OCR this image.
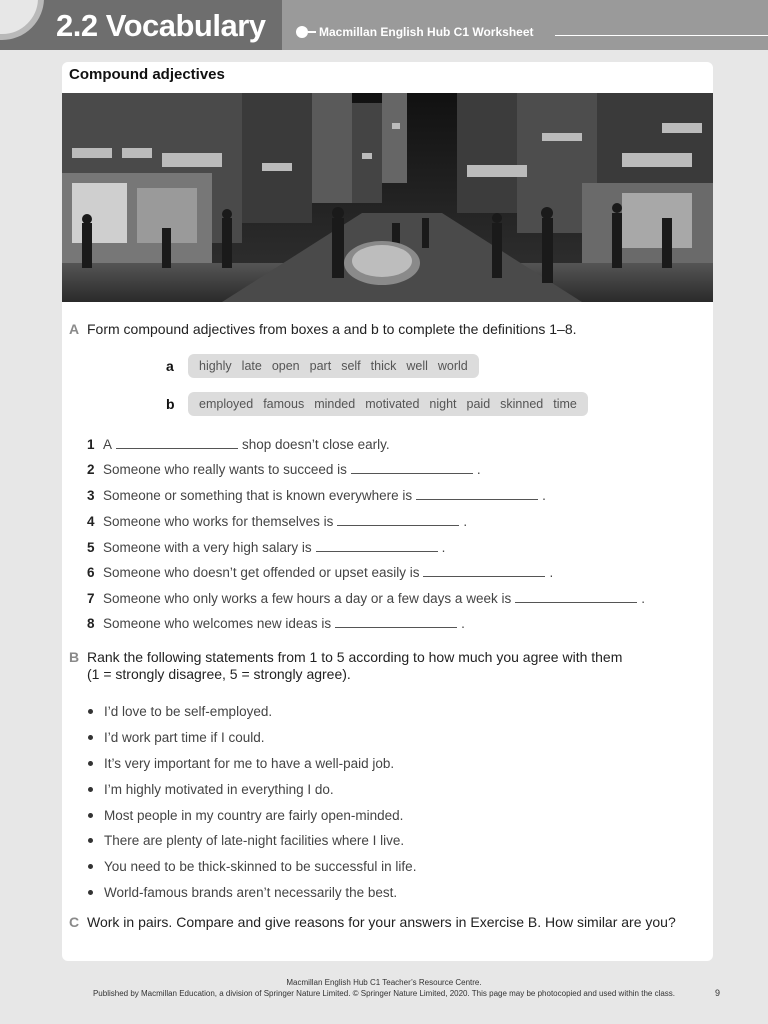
2.2 Vocabulary	Macmillan English Hub C1 Worksheet
Compound adjectives
A Form compound adjectives from boxes a and b to complete the definitions 1–8.
a	highly late open part self thick well world
b	employed famous minded motivated night paid skinned time
1 A	shop doesn’t close early.
2 Someone who really wants to succeed is	.
3 Someone or something that is known everywhere is	.
4 Someone who works for themselves is	.
5 Someone with a very high salary is	.
6 Someone who doesn’t get offended or upset easily is	.
7 Someone who only works a few hours a day or a few days a week is	.
8 Someone who welcomes new ideas is	.
B Rank the following statements from 1 to 5 according to how much you agree with them
(1 = strongly disagree, 5 = strongly agree).
I’d love to be self-employed.
I’d work part time if I could.
It’s very important for me to have a well-paid job.
I’m highly motivated in everything I do.
Most people in my country are fairly open-minded.
There are plenty of late-night facilities where I live.
You need to be thick-skinned to be successful in life.
World-famous brands aren’t necessarily the best.
C Work in pairs. Compare and give reasons for your answers in Exercise B. How similar are you?
Macmillan English Hub C1 Teacher’s Resource Centre.
Published by Macmillan Education, a division of Springer Nature Limited. © Springer Nature Limited, 2020. This page may be photocopied and used within the class.	9
